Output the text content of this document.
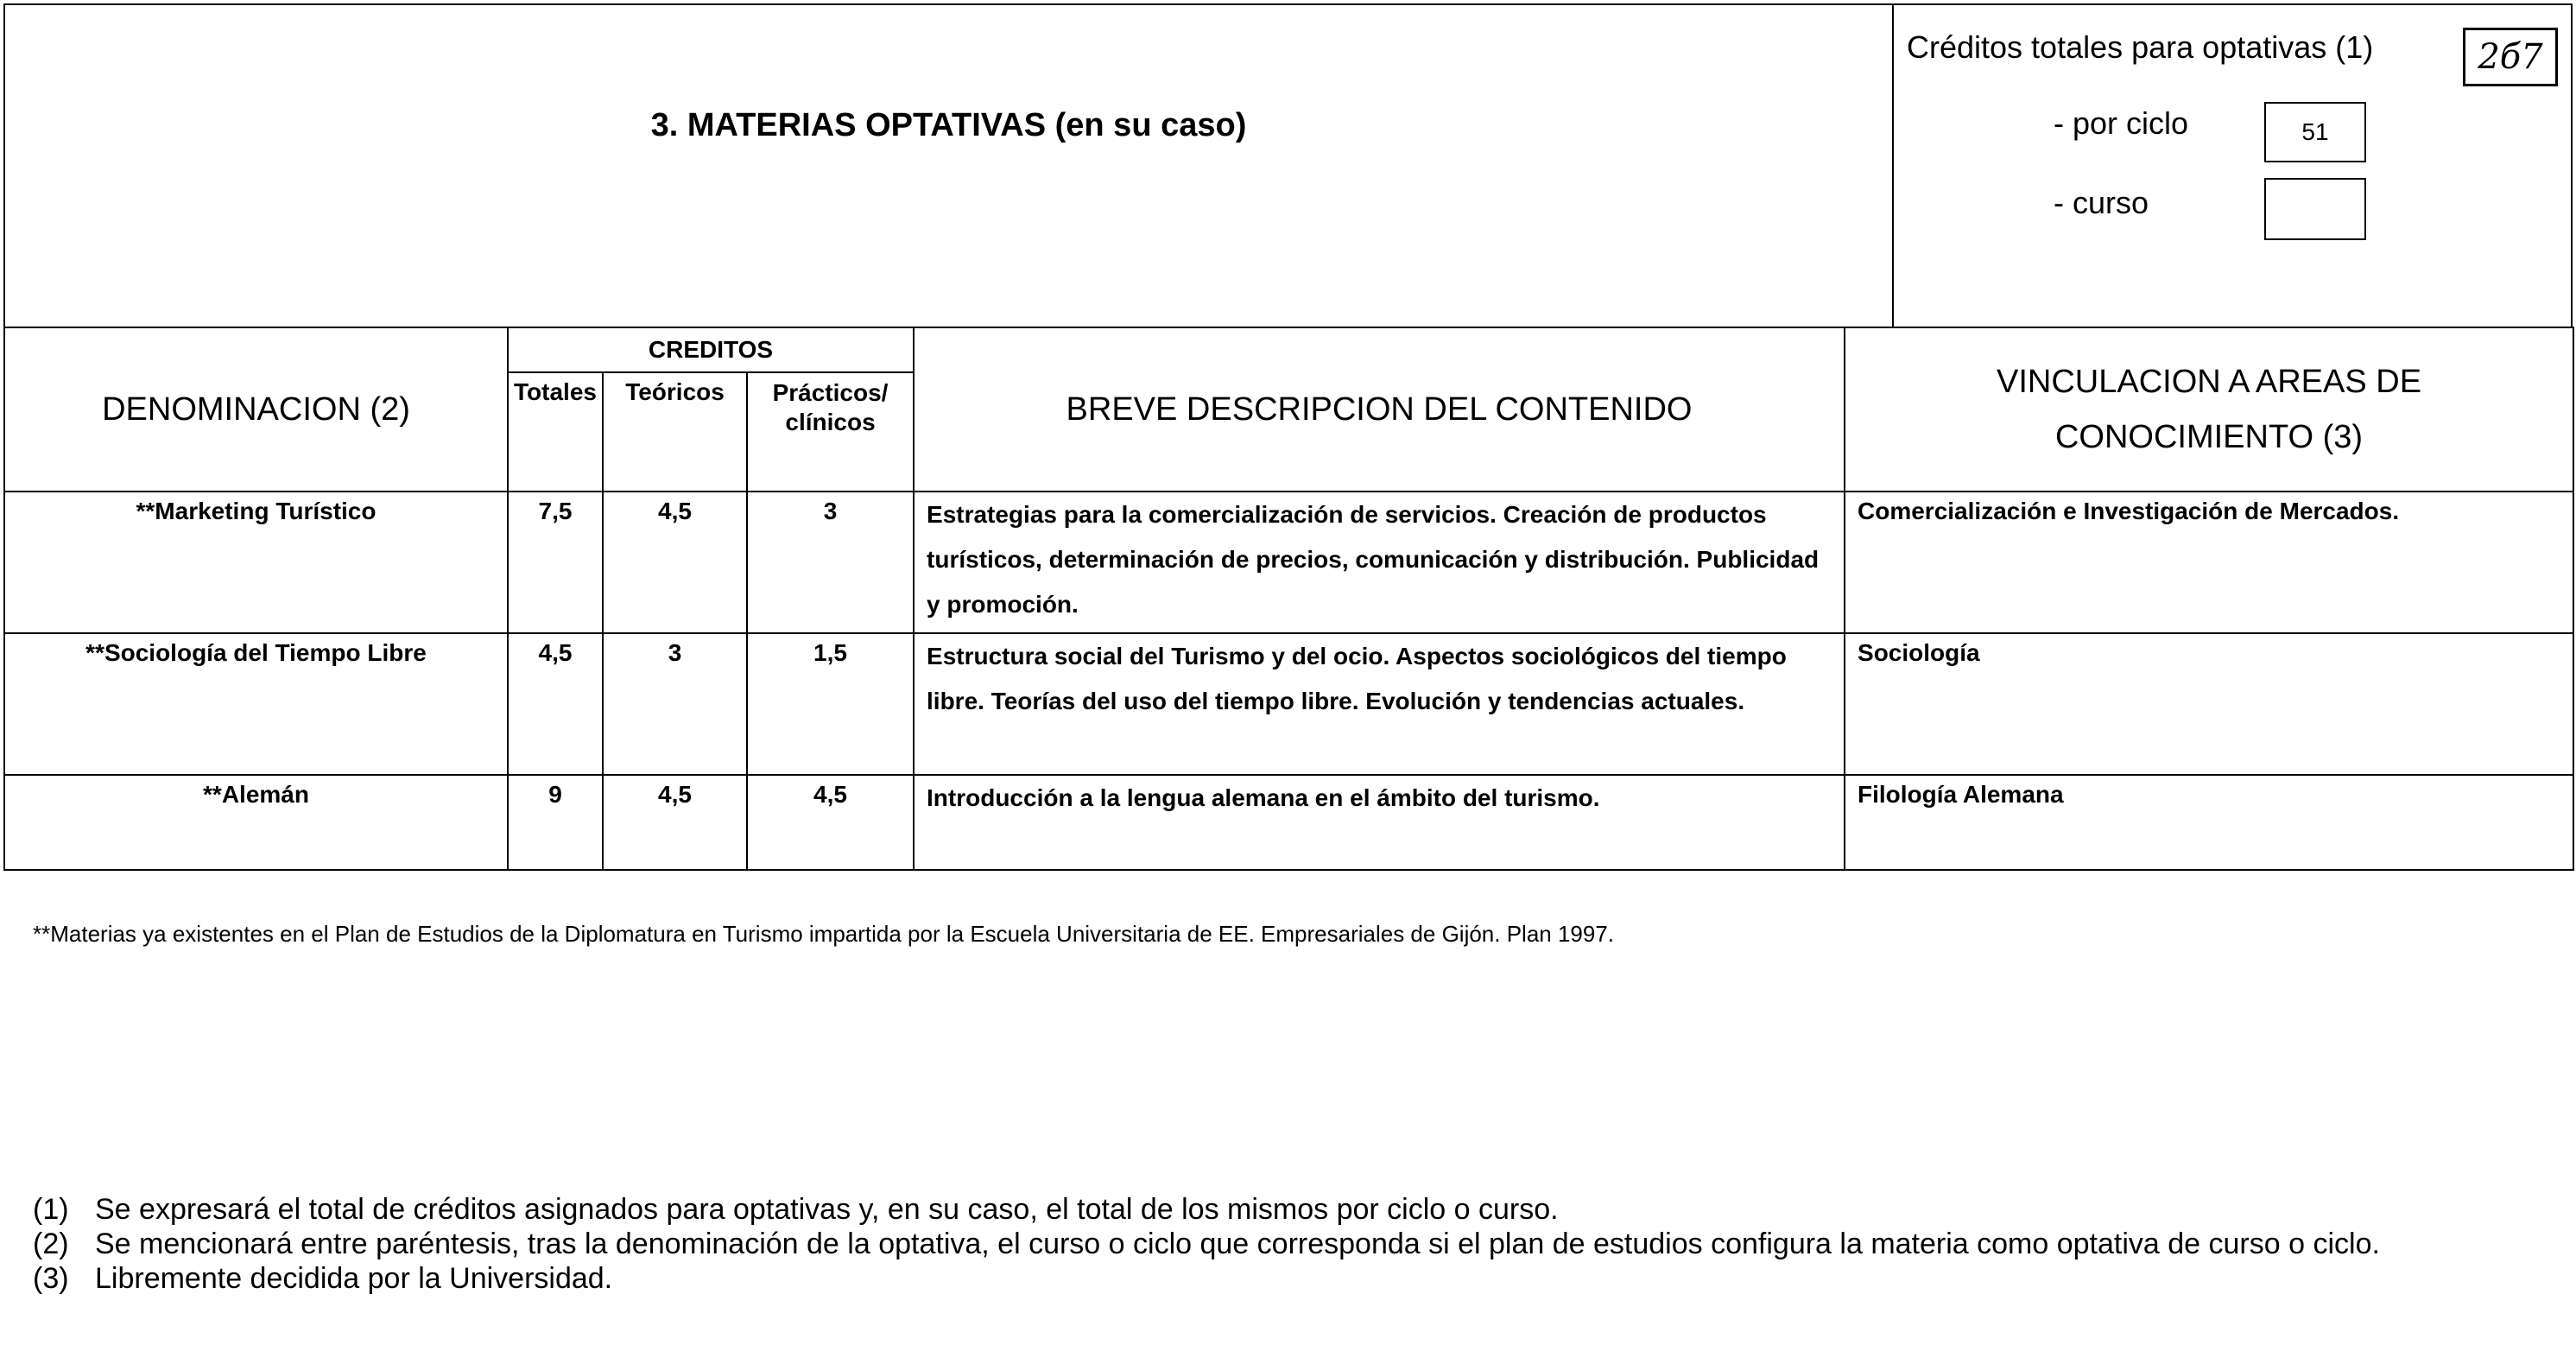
3. MATERIAS OPTATIVAS (en su caso)
Créditos totales para optativas (1)	2б7
- por ciclo	51
- curso
DENOMINACION (2)	CREDITOS			BREVE DESCRIPCION DEL CONTENIDO	VINCULACION A AREAS DE CONOCIMIENTO (3)
	Totales	Teóricos	Prácticos/ clínicos		
**Marketing Turístico	7,5	4,5	3	Estrategias para la comercialización de servicios. Creación de productos turísticos, determinación de precios, comunicación y distribución. Publicidad y promoción.	Comercialización e Investigación de Mercados.
**Sociología del Tiempo Libre	4,5	3	1,5	Estructura social del Turismo y del ocio. Aspectos sociológicos del tiempo libre. Teorías del uso del tiempo libre. Evolución y tendencias actuales.	Sociología
**Alemán	9	4,5	4,5	Introducción a la lengua alemana en el ámbito del turismo.	Filología Alemana
**Materias ya existentes en el Plan de Estudios de la Diplomatura en Turismo impartida por la Escuela Universitaria de EE. Empresariales de Gijón. Plan 1997.
(1) Se expresará el total de créditos asignados para optativas y, en su caso, el total de los mismos por ciclo o curso.
(2) Se mencionará entre paréntesis, tras la denominación de la optativa, el curso o ciclo que corresponda si el plan de estudios configura la materia como optativa de curso o ciclo.
(3) Libremente decidida por la Universidad.
